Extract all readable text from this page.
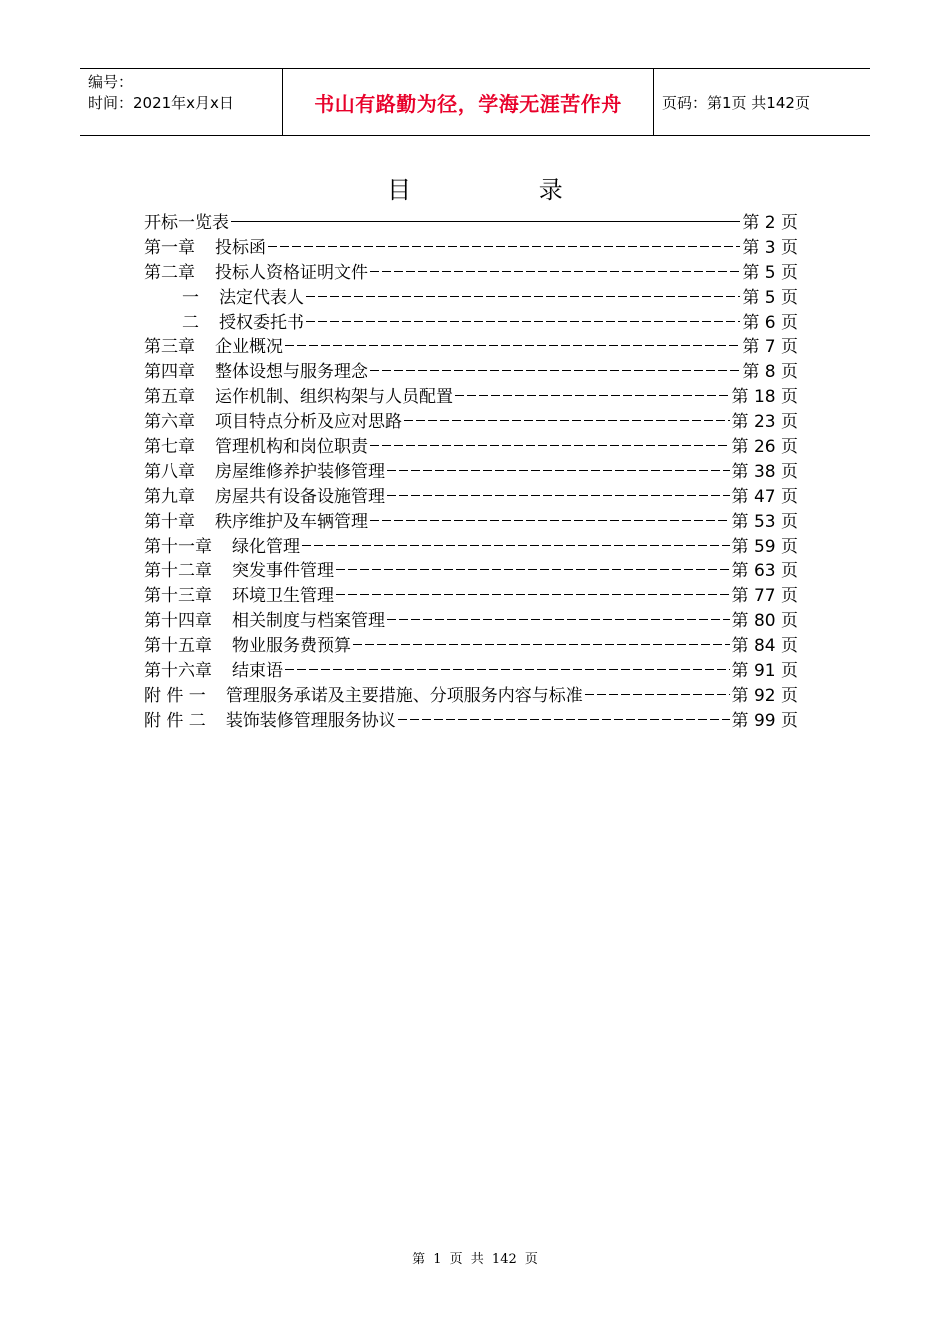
编号：
时间：2021年x月x日	书山有路勤为径，学海无涯苦作舟	页码：第1页 共142页
目 录
开标一览表	第 2 页
第一章 投标函	第 3 页
第二章 投标人资格证明文件	第 5 页
一 法定代表人	第 5 页
二 授权委托书	第 6 页
第三章 企业概况	第 7 页
第四章 整体设想与服务理念	第 8 页
第五章 运作机制、组织构架与人员配置	第 18 页
第六章 项目特点分析及应对思路	第 23 页
第七章 管理机构和岗位职责	第 26 页
第八章 房屋维修养护装修管理	第 38 页
第九章 房屋共有设备设施管理	第 47 页
第十章 秩序维护及车辆管理	第 53 页
第十一章 绿化管理	第 59 页
第十二章 突发事件管理	第 63 页
第十三章 环境卫生管理	第 77 页
第十四章 相关制度与档案管理	第 80 页
第十五章 物业服务费预算	第 84 页
第十六章 结束语	第 91 页
附 件 一 管理服务承诺及主要措施、分项服务内容与标准	第 92 页
附 件 二 装饰装修管理服务协议	第 99 页
第 1 页 共 142 页
